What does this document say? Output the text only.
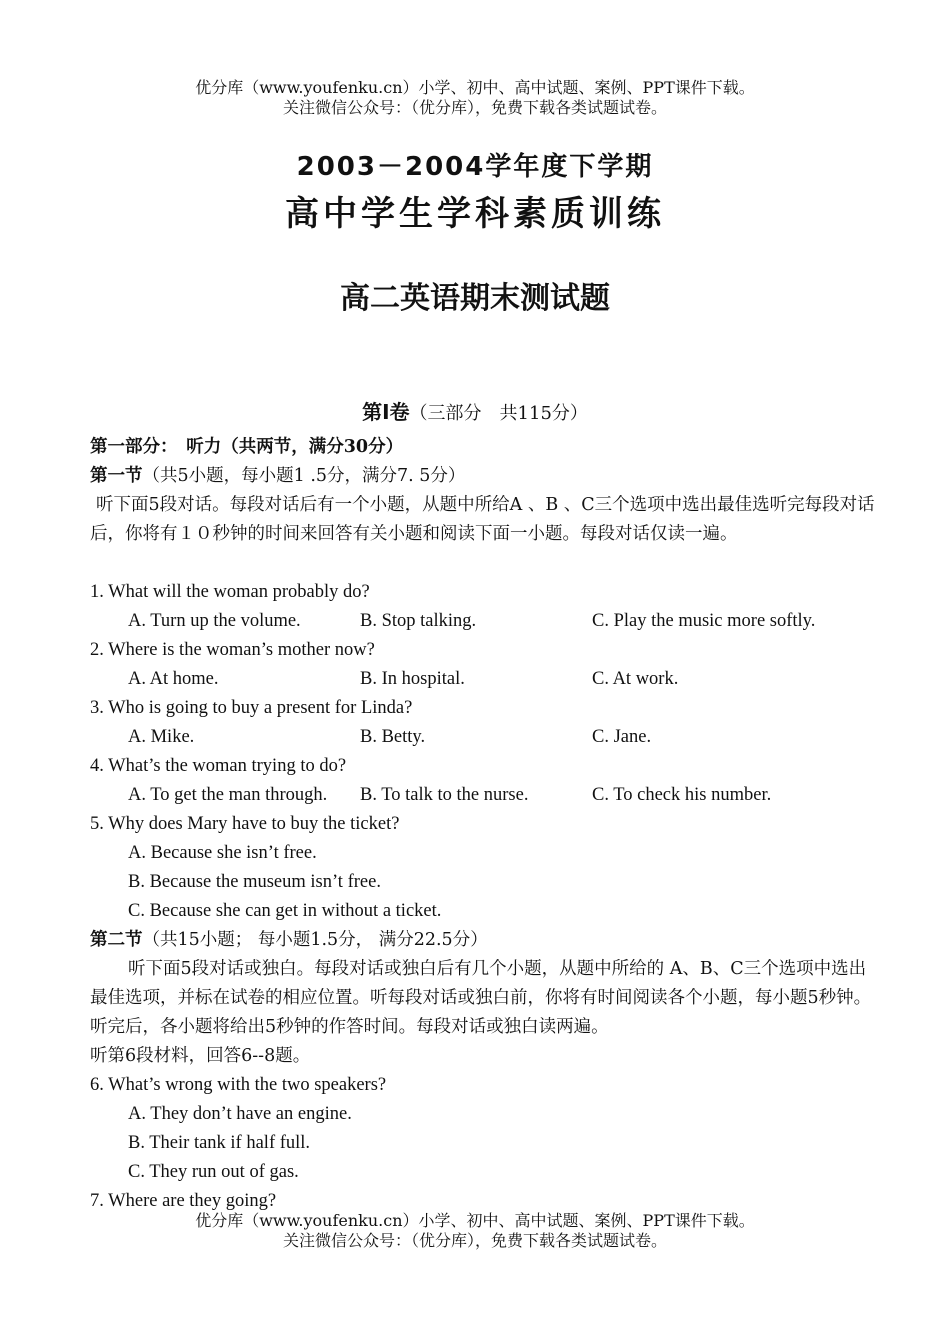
优分库（www.youfenku.cn）小学、初中、高中试题、案例、PPT课件下载。
关注微信公众号：（优分库），免费下载各类试题试卷。
2003－2004学年度下学期
高中学生学科素质训练
高二英语期末测试题
第Ⅰ卷（三部分　共115分）
第一部分：　听力（共两节，满分30分）
第一节（共5小题，每小题1 .5分，满分7. 5分）
听下面5段对话。每段对话后有一个小题，从题中所给A 、B 、C三个选项中选出最佳选听完每段对话后，你将有１０秒钟的时间来回答有关小题和阅读下面一小题。每段对话仅读一遍。
1. What will the woman probably do?
A. Turn up the volume.	B. Stop talking.	C. Play the music more softly.
2. Where is the woman’s mother now?
A. At home.	B. In hospital.	C. At work.
3. Who is going to buy a present for Linda?
A. Mike.	B. Betty.	C. Jane.
4. What’s the woman trying to do?
A. To get the man through. B. To talk to the nurse.	C. To check his number.
5. Why does Mary have to buy the ticket?
A. Because she isn’t free.
B. Because the museum isn’t free.
C. Because she can get in without a ticket.
第二节（共15小题； 每小题1.5分， 满分22.5分）
听下面5段对话或独白。每段对话或独白后有几个小题，从题中所给的 A、B、C三个选项中选出最佳选项，并标在试卷的相应位置。听每段对话或独白前，你将有时间阅读各个小题，每小题5秒钟。听完后，各小题将给出5秒钟的作答时间。每段对话或独白读两遍。
听第6段材料，回答6--8题。
6. What’s wrong with the two speakers?
A. They don’t have an engine.
B. Their tank if half full.
C. They run out of gas.
7. Where are they going?
优分库（www.youfenku.cn）小学、初中、高中试题、案例、PPT课件下载。
关注微信公众号：（优分库），免费下载各类试题试卷。
